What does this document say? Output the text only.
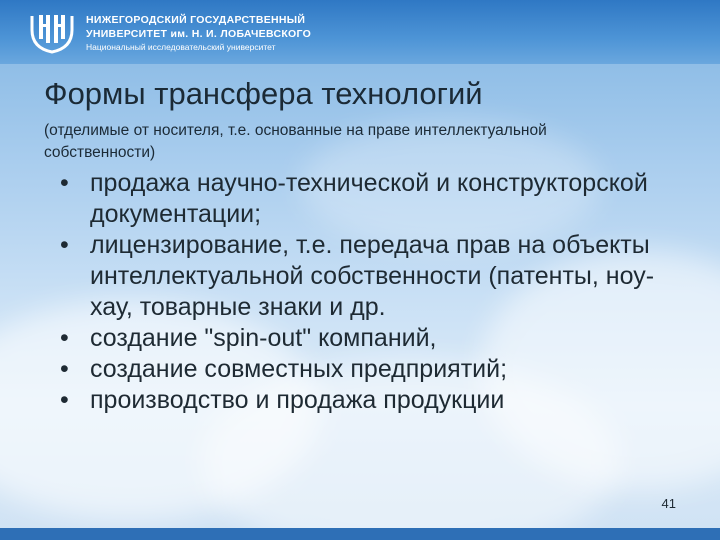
НИЖЕГОРОДСКИЙ ГОСУДАРСТВЕННЫЙ
УНИВЕРСИТЕТ им. Н. И. ЛОБАЧЕВСКОГО
Национальный исследовательский университет
Формы трансфера технологий
(отделимые от носителя, т.е. основанные на праве интеллектуальной собственности)
• продажа научно-технической и конструкторской документации;
• лицензирование, т.е. передача прав на объекты интеллектуальной собственности (патенты, ноу-хау, товарные знаки и др.
• создание "spin-out" компаний,
• создание совместных предприятий;
• производство и продажа продукции
41
